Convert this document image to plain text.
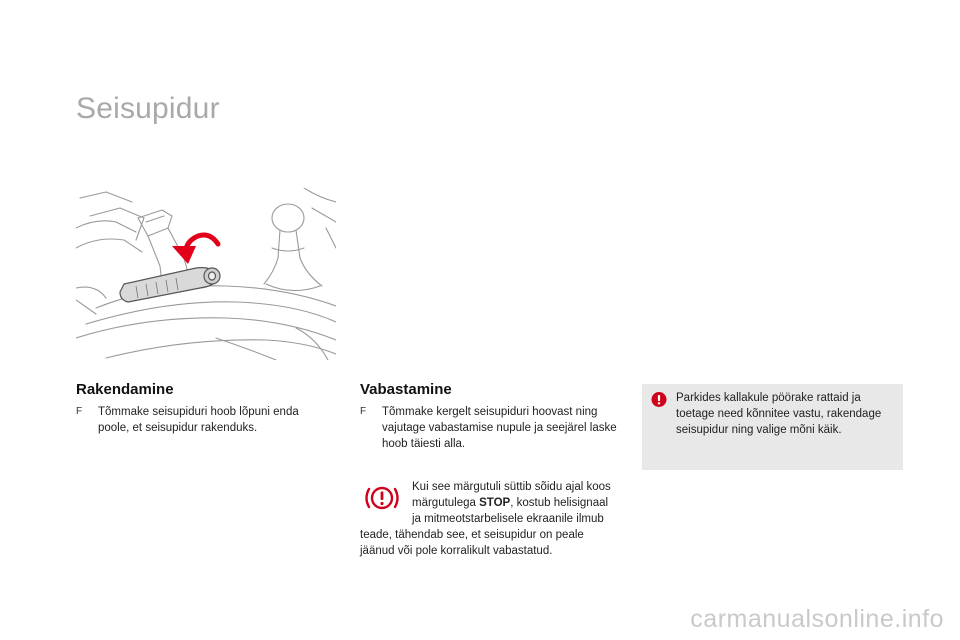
Seisupidur
Rakendamine
F	Tõmmake seisupiduri hoob lõpuni enda poole, et seisupidur rakenduks.
Vabastamine
F	Tõmmake kergelt seisupiduri hoovast ning vajutage vabastamise nupule ja seejärel laske hoob täiesti alla.
Kui see märgutuli süttib sõidu ajal koos märgutulega STOP, kostub helisignaal ja mitmeotstarbelisele ekraanile ilmub teade, tähendab see, et seisupidur on peale jäänud või pole korralikult vabastatud.
Parkides kallakule pöörake rattaid ja toetage need kõnnitee vastu, rakendage seisupidur ning valige mõni käik.
carmanualsonline.info
